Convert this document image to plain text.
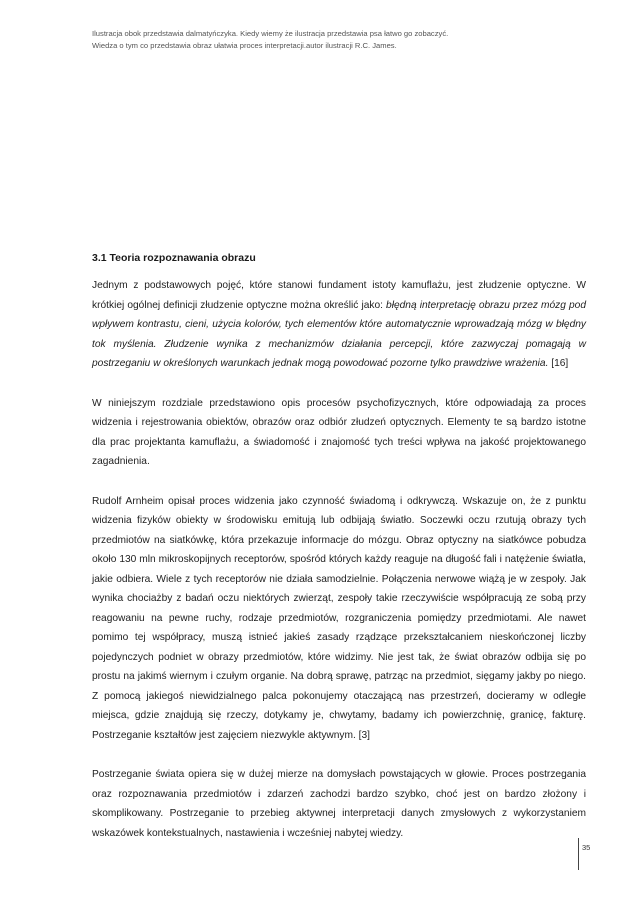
Ilustracja obok przedstawia dalmatyńczyka. Kiedy wiemy że ilustracja przedstawia psa łatwo go zobaczyć.
Wiedza o tym co przedstawia obraz ułatwia proces interpretacji.autor ilustracji R.C. James.
3.1 Teoria rozpoznawania obrazu

Jednym z podstawowych pojęć, które stanowi fundament istoty kamuflażu, jest złudzenie optyczne. W krótkiej ogólnej definicji złudzenie optyczne można określić jako: błędną interpretację obrazu przez mózg pod wpływem kontrastu, cieni, użycia kolorów, tych elementów które automatycznie wprowadzają mózg w błędny tok myślenia. Złudzenie wynika z mechanizmów działania percepcji, które zazwyczaj pomagają w postrzeganiu w określonych warunkach jednak mogą powodować pozorne tylko prawdziwe wrażenia. [16]

W niniejszym rozdziale przedstawiono opis procesów psychofizycznych, które odpowiadają za proces widzenia i rejestrowania obiektów, obrazów oraz odbiór złudzeń optycznych. Elementy te są bardzo istotne dla prac projektanta kamuflażu, a świadomość i znajomość tych treści wpływa na jakość projektowanego zagadnienia.

Rudolf Arnheim opisał proces widzenia jako czynność świadomą i odkrywczą. Wskazuje on, że z punktu widzenia fizyków obiekty w środowisku emitują lub odbijają światło. Soczewki oczu rzutują obrazy tych przedmiotów na siatkówkę, która przekazuje informacje do mózgu. Obraz optyczny na siatkówce pobudza około 130 mln mikroskopijnych receptorów, spośród których każdy reaguje na długość fali i natężenie światła, jakie odbiera. Wiele z tych receptorów nie działa samodzielnie. Połączenia nerwowe wiążą je w zespoły. Jak wynika chociażby z badań oczu niektórych zwierząt, zespoły takie rzeczywiście współpracują ze sobą przy reagowaniu na pewne ruchy, rodzaje przedmiotów, rozgraniczenia pomiędzy przedmiotami. Ale nawet pomimo tej współpracy, muszą istnieć jakieś zasady rządzące przekształcaniem nieskończonej liczby pojedynczych podniet w obrazy przedmiotów, które widzimy. Nie jest tak, że świat obrazów odbija się po prostu na jakimś wiernym i czułym organie. Na dobrą sprawę, patrząc na przedmiot, sięgamy jakby po niego. Z pomocą jakiegoś niewidzialnego palca pokonujemy otaczającą nas przestrzeń, docieramy w odległe miejsca, gdzie znajdują się rzeczy, dotykamy je, chwytamy, badamy ich powierzchnię, granicę, fakturę. Postrzeganie kształtów jest zajęciem niezwykle aktywnym. [3]

Postrzeganie świata opiera się w dużej mierze na domysłach powstających w głowie. Proces postrzegania oraz rozpoznawania przedmiotów i zdarzeń zachodzi bardzo szybko, choć jest on bardzo złożony i skomplikowany. Postrzeganie to przebieg aktywnej interpretacji danych zmysłowych z wykorzystaniem wskazówek kontekstualnych, nastawienia i wcześniej nabytej wiedzy.

35
